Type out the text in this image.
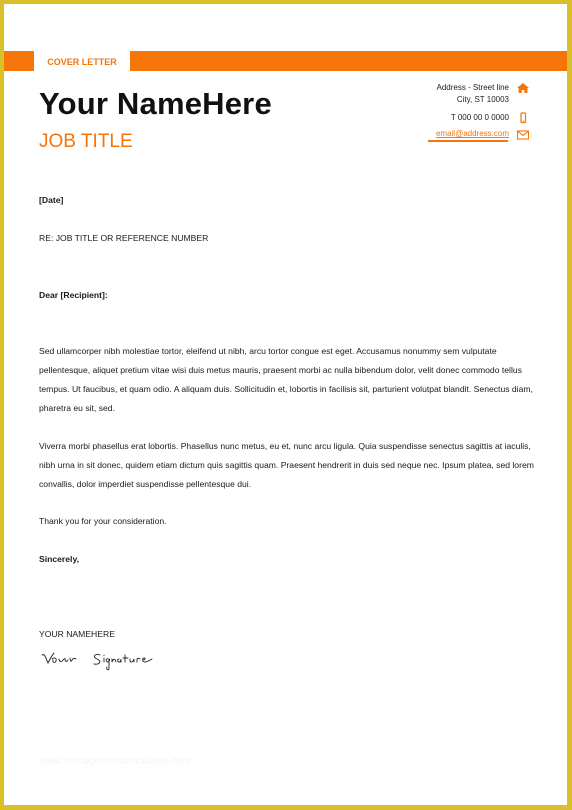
COVER LETTER
Your NameHere
JOB TITLE
Address - Street line
City, ST 10003
T 000 00 0 0000
email@address.com
[Date]
RE: JOB TITLE OR REFERENCE NUMBER
Dear [Recipient]:
Sed ullamcorper nibh molestiae tortor, eleifend ut nibh, arcu tortor congue est eget. Accusamus nonummy sem vulputate pellentesque, aliquet pretium vitae wisi duis metus mauris, praesent morbi ac nulla bibendum dolor, velit donec commodo tellus tempus. Ut faucibus, et quam odio. A aliquam duis. Sollicitudin et, lobortis in facilisis sit, parturient volutpat blandit. Senectus diam, pharetra eu sit, sed.
Viverra morbi phasellus erat lobortis. Phasellus nunc metus, eu et, nunc arcu ligula. Quia suspendisse senectus sagittis at iaculis, nibh urna in sit donec, quidem etiam dictum quis sagittis quam. Praesent hendrerit in duis sed neque nec. Ipsum platea, sed lorem convallis, dolor imperdiet suspendisse pellentesque dui.
Thank you for your consideration.
Sincerely,
YOUR NAMEHERE
www.heritagechristiancollege.com
